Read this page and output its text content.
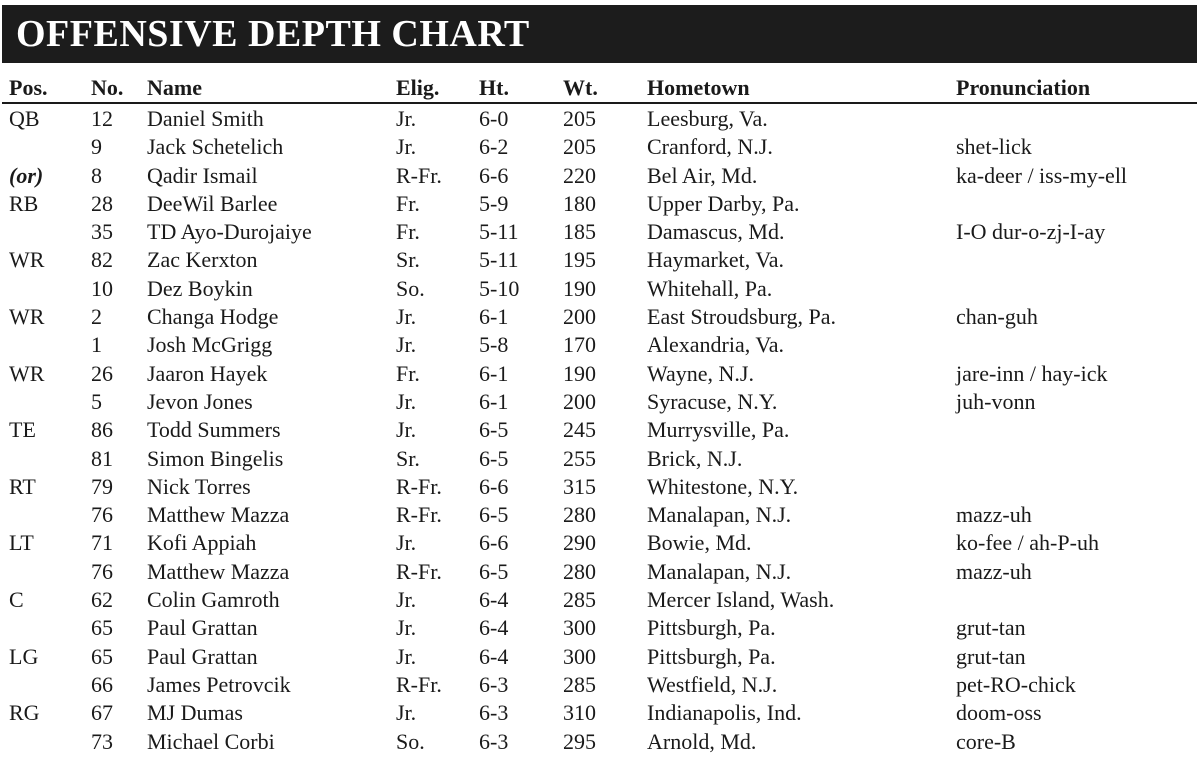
OFFENSIVE DEPTH CHART
Pos. No. Name	Elig. Ht. Wt. Hometown	Pronunciation
QB 12 Daniel Smith	Jr.	6-0 205 Leesburg, Va.
9 Jack Schetelich	Jr.	6-2 205 Cranford, N.J.	shet-lick
(or) 8 Qadir Ismail	R-Fr. 6-6 220 Bel Air, Md.	ka-deer / iss-my-ell
RB 28 DeeWil Barlee	Fr.	5-9 180 Upper Darby, Pa.
35 TD Ayo-Durojaiye	Fr.	5-11 185 Damascus, Md.	I-O dur-o-zj-I-ay
WR 82 Zac Kerxton	Sr.	5-11 195 Haymarket, Va.
10 Dez Boykin	So. 5-10 190 Whitehall, Pa.
WR 2 Changa Hodge	Jr.	6-1 200 East Stroudsburg, Pa.	chan-guh
1 Josh McGrigg	Jr.	5-8 170 Alexandria, Va.
WR 26 Jaaron Hayek	Fr.	6-1 190 Wayne, N.J.	jare-inn / hay-ick
5 Jevon Jones	Jr.	6-1 200 Syracuse, N.Y.	juh-vonn
TE	86 Todd Summers	Jr.	6-5 245 Murrysville, Pa.
81 Simon Bingelis	Sr.	6-5 255 Brick, N.J.
RT	79 Nick Torres	R-Fr. 6-6 315 Whitestone, N.Y.
76 Matthew Mazza	R-Fr. 6-5 280 Manalapan, N.J.	mazz-uh
LT	71 Kofi Appiah	Jr.	6-6 290 Bowie, Md.	ko-fee / ah-P-uh
76 Matthew Mazza	R-Fr. 6-5 280 Manalapan, N.J.	mazz-uh
C	62 Colin Gamroth	Jr.	6-4 285 Mercer Island, Wash.
65 Paul Grattan	Jr.	6-4 300 Pittsburgh, Pa.	grut-tan
LG 65 Paul Grattan	Jr.	6-4 300 Pittsburgh, Pa.	grut-tan
66 James Petrovcik	R-Fr. 6-3 285 Westfield, N.J.	pet-RO-chick
RG 67 MJ Dumas	Jr.	6-3 310 Indianapolis, Ind.	doom-oss
73 Michael Corbi	So. 6-3 295 Arnold, Md.	core-B
